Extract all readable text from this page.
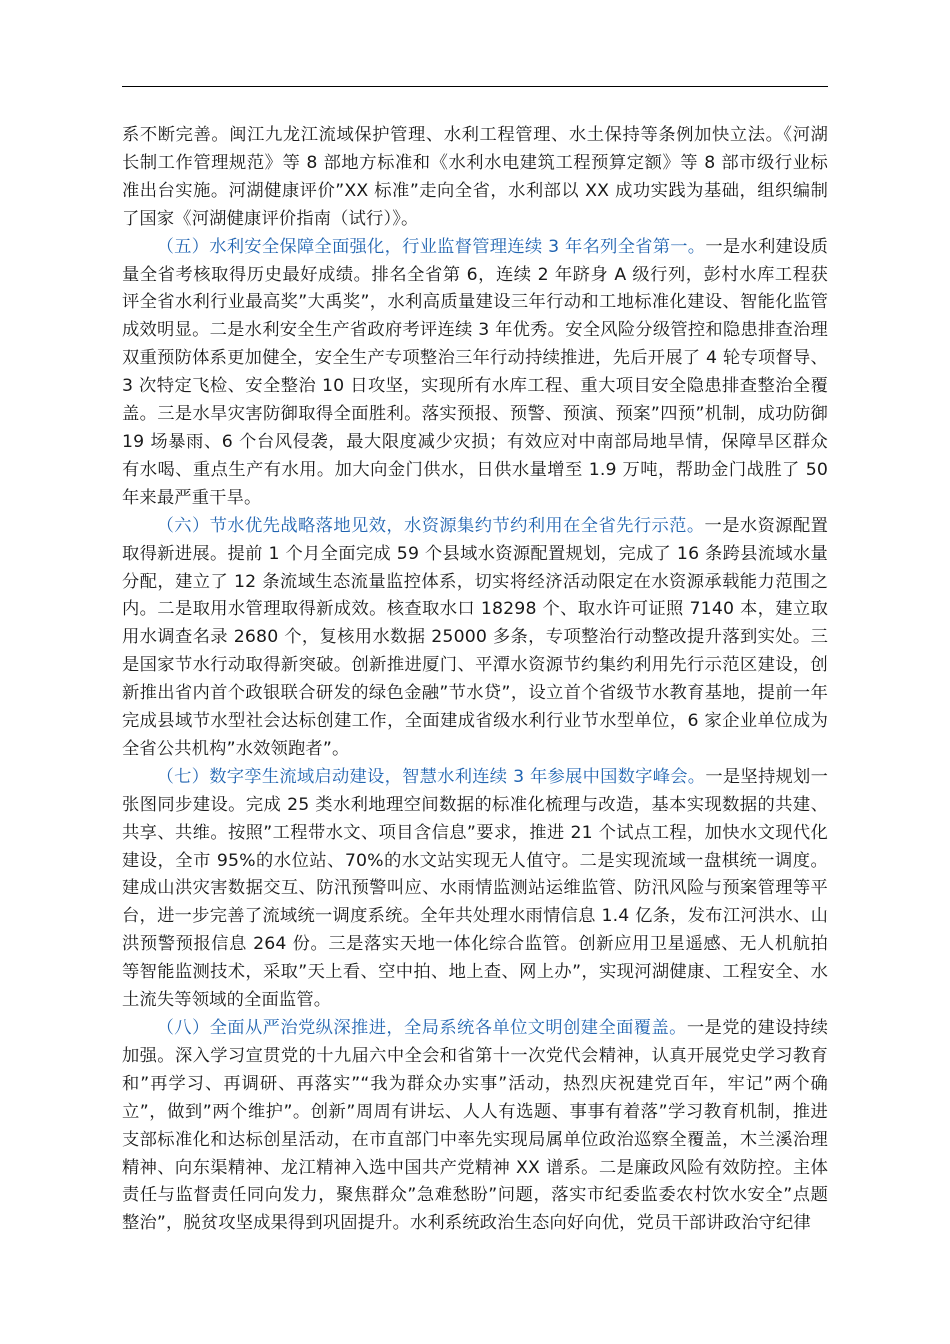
系不断完善。闽江九龙江流域保护管理、水利工程管理、水土保持等条例加快立法。《河湖长制工作管理规范》等 8 部地方标准和《水利水电建筑工程预算定额》等 8 部市级行业标准出台实施。河湖健康评价”XX 标准”走向全省，水利部以 XX 成功实践为基础，组织编制了国家《河湖健康评价指南（试行）》。

（五）水利安全保障全面强化，行业监督管理连续 3 年名列全省第一。一是水利建设质量全省考核取得历史最好成绩。排名全省第 6，连续 2 年跻身 A 级行列，彭村水库工程获评全省水利行业最高奖”大禹奖”，水利高质量建设三年行动和工地标准化建设、智能化监管成效明显。二是水利安全生产省政府考评连续 3 年优秀。安全风险分级管控和隐患排查治理双重预防体系更加健全，安全生产专项整治三年行动持续推进，先后开展了 4 轮专项督导、3 次特定飞检、安全整治 10 日攻坚，实现所有水库工程、重大项目安全隐患排查整治全覆盖。三是水旱灾害防御取得全面胜利。落实预报、预警、预演、预案”四预”机制，成功防御 19 场暴雨、6 个台风侵袭，最大限度减少灾损；有效应对中南部局地旱情，保障旱区群众有水喝、重点生产有水用。加大向金门供水，日供水量增至 1.9 万吨，帮助金门战胜了 50 年来最严重干旱。

（六）节水优先战略落地见效，水资源集约节约利用在全省先行示范。一是水资源配置取得新进展。提前 1 个月全面完成 59 个县域水资源配置规划，完成了 16 条跨县流域水量分配，建立了 12 条流域生态流量监控体系，切实将经济活动限定在水资源承载能力范围之内。二是取用水管理取得新成效。核查取水口 18298 个、取水许可证照 7140 本，建立取用水调查名录 2680 个，复核用水数据 25000 多条，专项整治行动整改提升落到实处。三是国家节水行动取得新突破。创新推进厦门、平潭水资源节约集约利用先行示范区建设，创新推出省内首个政银联合研发的绿色金融”节水贷”，设立首个省级节水教育基地，提前一年完成县域节水型社会达标创建工作，全面建成省级水利行业节水型单位，6 家企业单位成为全省公共机构”水效领跑者”。

（七）数字孪生流域启动建设，智慧水利连续 3 年参展中国数字峰会。一是坚持规划一张图同步建设。完成 25 类水利地理空间数据的标准化梳理与改造，基本实现数据的共建、共享、共维。按照”工程带水文、项目含信息”要求，推进 21 个试点工程，加快水文现代化建设，全市 95%的水位站、70%的水文站实现无人值守。二是实现流域一盘棋统一调度。建成山洪灾害数据交互、防汛预警叫应、水雨情监测站运维监管、防汛风险与预案管理等平台，进一步完善了流域统一调度系统。全年共处理水雨情信息 1.4 亿条，发布江河洪水、山洪预警预报信息 264 份。三是落实天地一体化综合监管。创新应用卫星遥感、无人机航拍等智能监测技术，采取”天上看、空中拍、地上查、网上办”，实现河湖健康、工程安全、水土流失等领域的全面监管。

（八）全面从严治党纵深推进，全局系统各单位文明创建全面覆盖。一是党的建设持续加强。深入学习宣贯党的十九届六中全会和省第十一次党代会精神，认真开展党史学习教育和”再学习、再调研、再落实”“我为群众办实事”活动，热烈庆祝建党百年，牢记”两个确立”，做到”两个维护”。创新”周周有讲坛、人人有选题、事事有着落”学习教育机制，推进支部标准化和达标创星活动，在市直部门中率先实现局属单位政治巡察全覆盖，木兰溪治理精神、向东渠精神、龙江精神入选中国共产党精神 XX 谱系。二是廉政风险有效防控。主体责任与监督责任同向发力，聚焦群众”急难愁盼”问题，落实市纪委监委农村饮水安全”点题整治”，脱贫攻坚成果得到巩固提升。水利系统政治生态向好向优，党员干部讲政治守纪律
